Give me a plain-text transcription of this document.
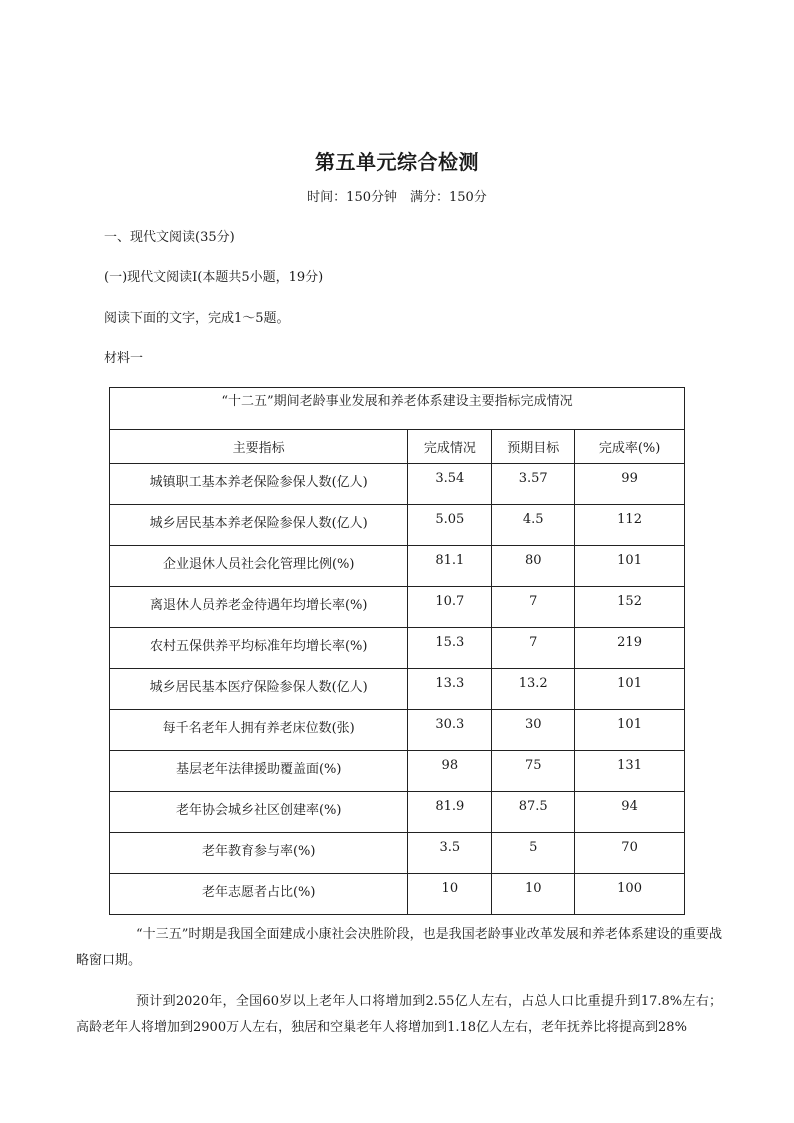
第五单元综合检测
时间：150分钟　满分：150分
一、现代文阅读(35分)
(一)现代文阅读Ⅰ(本题共5小题，19分)
阅读下面的文字，完成1～5题。
材料一
“十二五”期间老龄事业发展和养老体系建设主要指标完成情况			
主要指标	完成情况	预期目标	完成率(%)
城镇职工基本养老保险参保人数(亿人)	3.54	3.57	99
城乡居民基本养老保险参保人数(亿人)	5.05	4.5	112
企业退休人员社会化管理比例(%)	81.1	80	101
离退休人员养老金待遇年均增长率(%)	10.7	7	152
农村五保供养平均标准年均增长率(%)	15.3	7	219
城乡居民基本医疗保险参保人数(亿人)	13.3	13.2	101
每千名老年人拥有养老床位数(张)	30.3	30	101
基层老年法律援助覆盖面(%)	98	75	131
老年协会城乡社区创建率(%)	81.9	87.5	94
老年教育参与率(%)	3.5	5	70
老年志愿者占比(%)	10	10	100
“十三五”时期是我国全面建成小康社会决胜阶段，也是我国老龄事业改革发展和养老体系建设的重要战略窗口期。
预计到2020年，全国60岁以上老年人口将增加到2.55亿人左右，占总人口比重提升到17.8%左右；高龄老年人将增加到2900万人左右，独居和空巢老年人将增加到1.18亿人左右，老年抚养比将提高到28%
